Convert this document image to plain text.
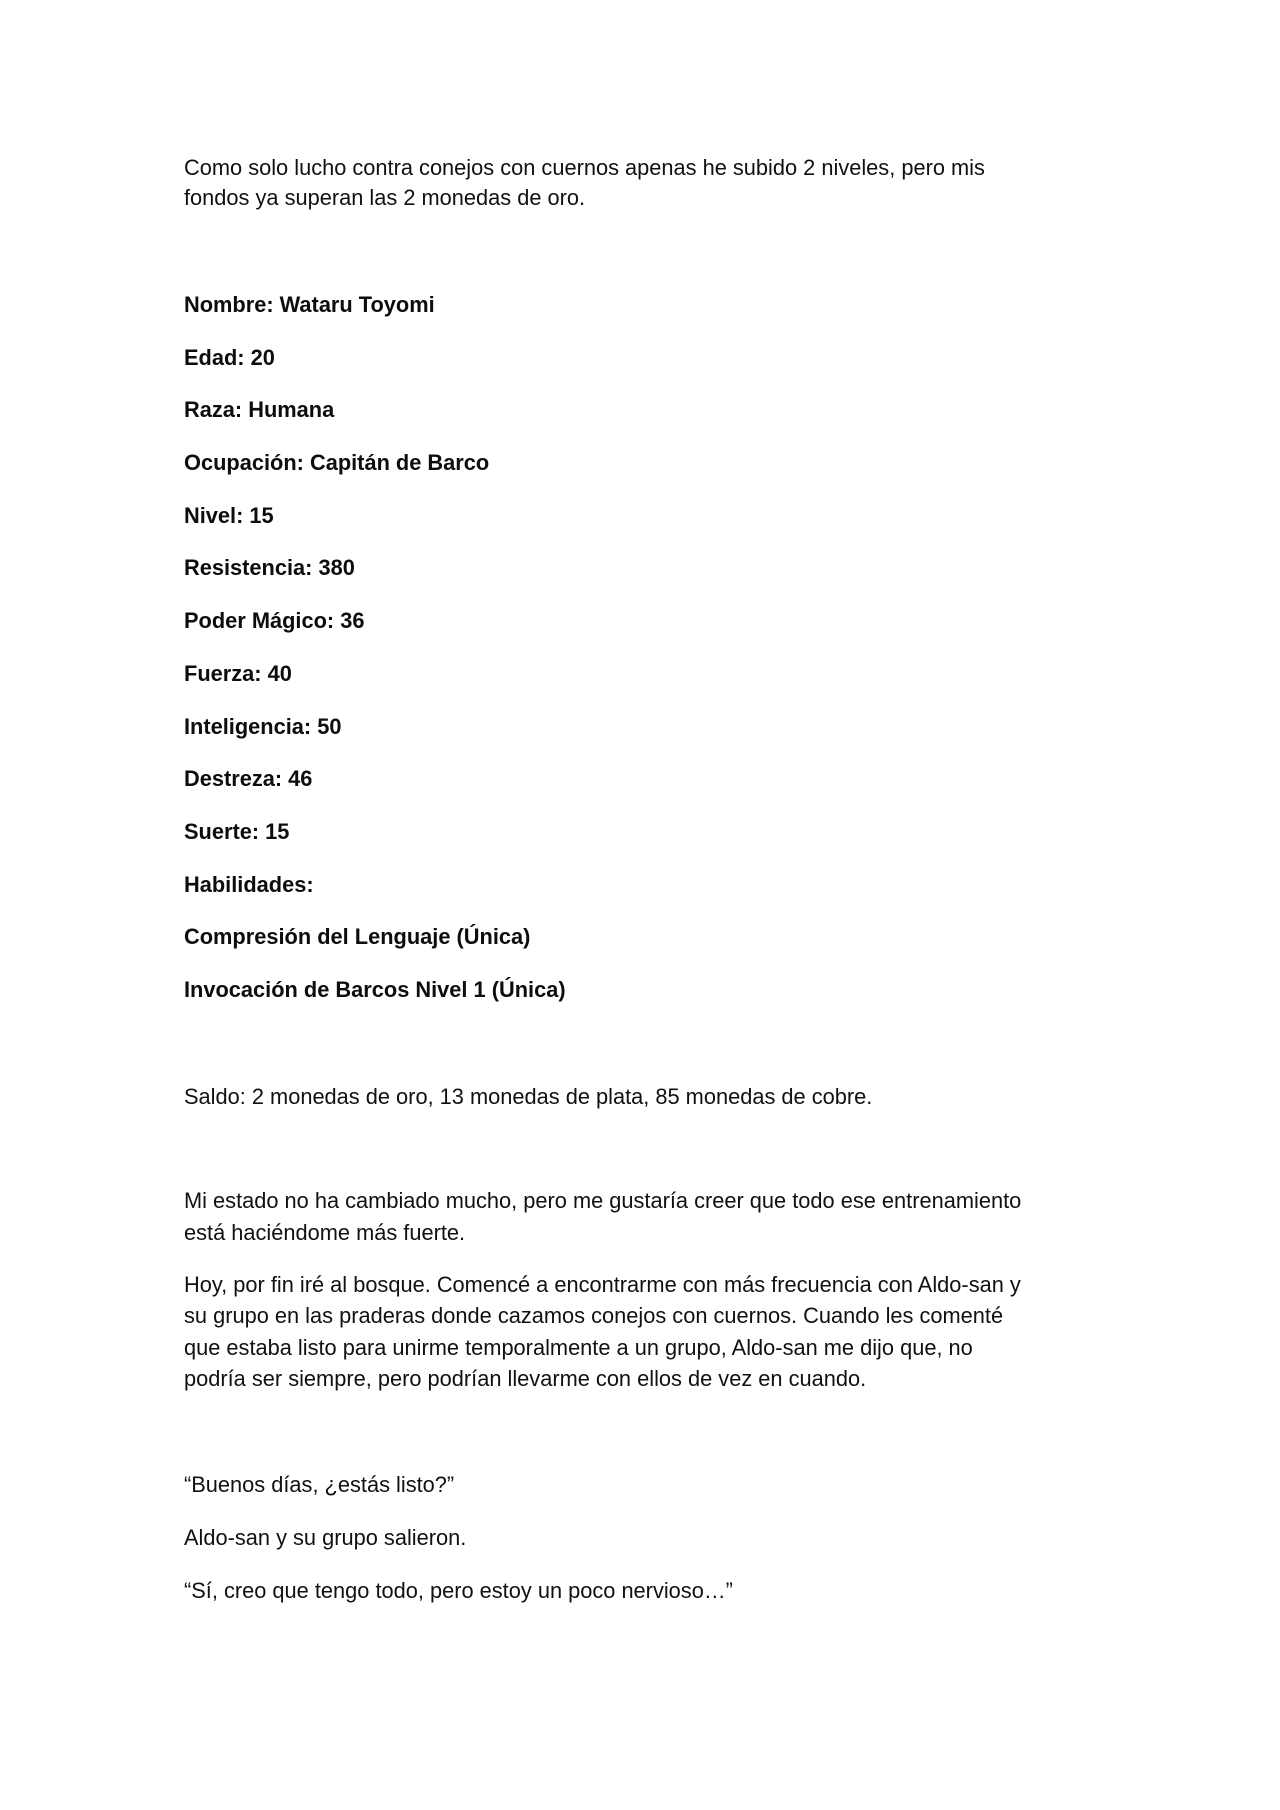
Como solo lucho contra conejos con cuernos apenas he subido 2 niveles, pero mis
fondos ya superan las 2 monedas de oro.
Nombre: Wataru Toyomi
Edad: 20
Raza: Humana
Ocupación: Capitán de Barco
Nivel: 15
Resistencia: 380
Poder Mágico: 36
Fuerza: 40
Inteligencia: 50
Destreza: 46
Suerte: 15
Habilidades:
Compresión del Lenguaje (Única)
Invocación de Barcos Nivel 1 (Única)
Saldo: 2 monedas de oro, 13 monedas de plata, 85 monedas de cobre.
Mi estado no ha cambiado mucho, pero me gustaría creer que todo ese entrenamiento
está haciéndome más fuerte.
Hoy, por fin iré al bosque. Comencé a encontrarme con más frecuencia con Aldo-san y
su grupo en las praderas donde cazamos conejos con cuernos. Cuando les comenté
que estaba listo para unirme temporalmente a un grupo, Aldo-san me dijo que, no
podría ser siempre, pero podrían llevarme con ellos de vez en cuando.
“Buenos días, ¿estás listo?”
Aldo-san y su grupo salieron.
“Sí, creo que tengo todo, pero estoy un poco nervioso…”
